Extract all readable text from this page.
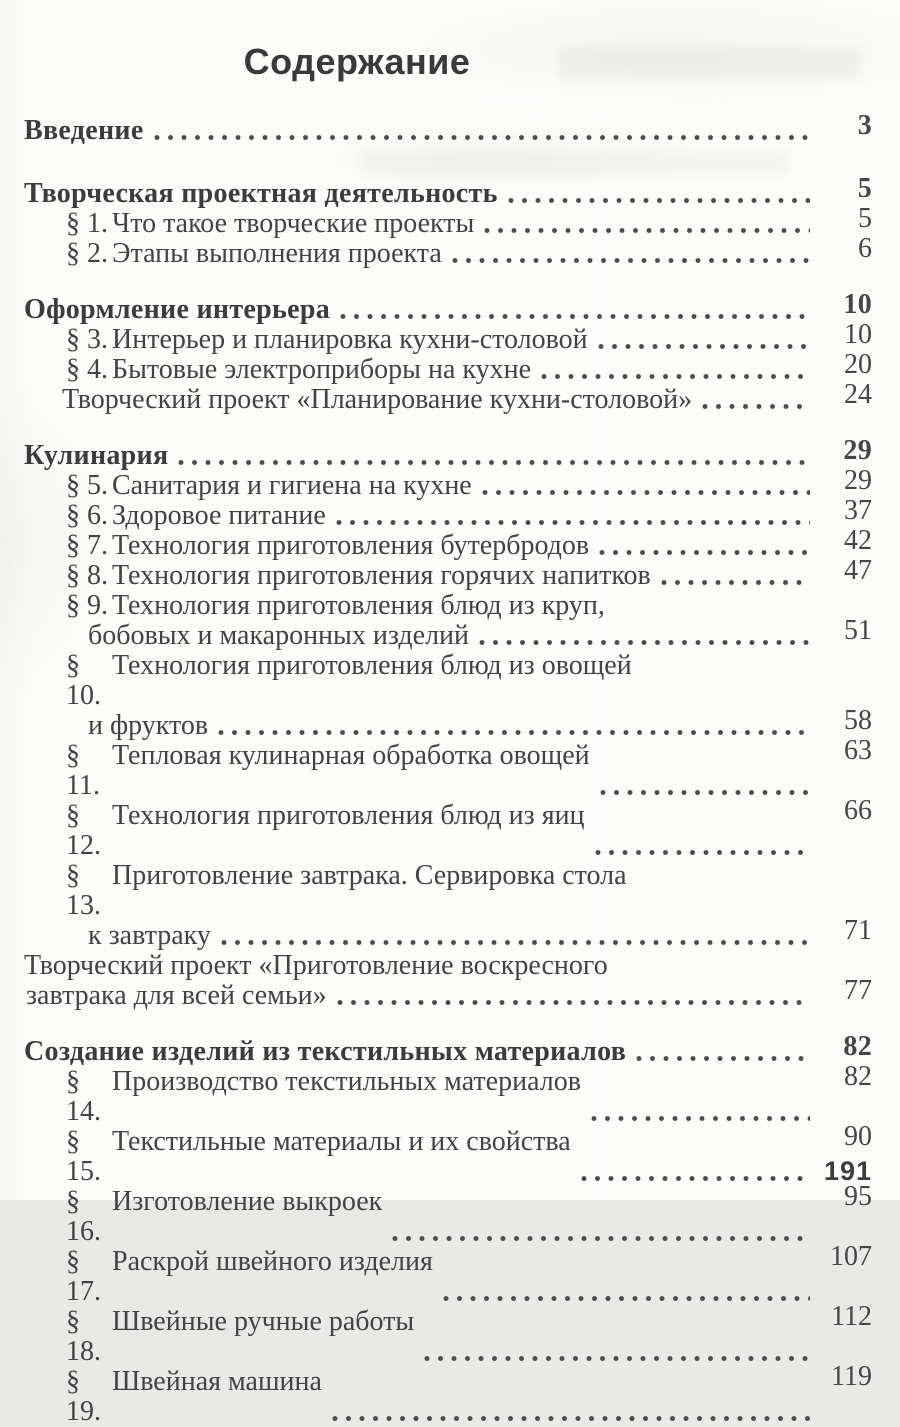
Содержание
Введение	3
Творческая проектная деятельность	5
§ 1. Что такое творческие проекты	5
§ 2. Этапы выполнения проекта	6
Оформление интерьера	10
§ 3. Интерьер и планировка кухни-столовой	10
§ 4. Бытовые электроприборы на кухне	20
Творческий проект «Планирование кухни-столовой»	24
Кулинария	29
§ 5. Санитария и гигиена на кухне	29
§ 6. Здоровое питание	37
§ 7. Технология приготовления бутербродов	42
§ 8. Технология приготовления горячих напитков	47
§ 9. Технология приготовления блюд из круп,
бобовых и макаронных изделий	51
§ 10.
Технология приготовления блюд из овощей
и фруктов	58
§ 11.
Тепловая кулинарная обработка овощей	63
§ 12.
Технология приготовления блюд из яиц	66
§ 13.
Приготовление завтрака. Сервировка стола
к завтраку	71
Творческий проект «Приготовление воскресного
завтрака для всей семьи»	77
Создание изделий из текстильных материалов	82
§ 14.
Производство текстильных материалов	82
§ 15.
Текстильные материалы и их свойства	90
§ 16.
Изготовление выкроек	95
§ 17.
Раскрой швейного изделия	107
§ 18.
Швейные ручные работы	112
§ 19.
Швейная машина	119
191
